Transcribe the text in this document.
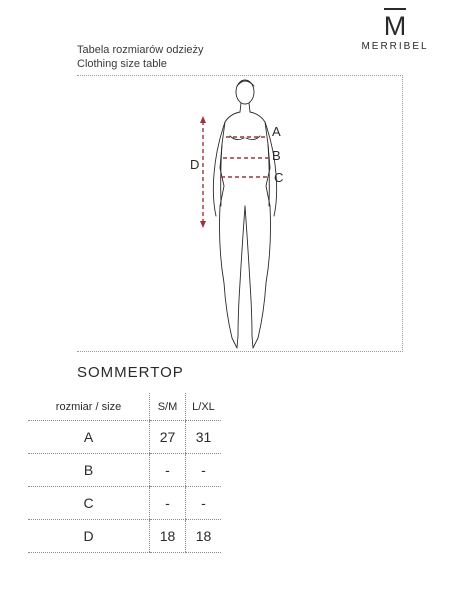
M
MERRIBEL
Tabela rozmiarów odzieży
Clothing size table
A
B
C
D
SOMMERTOP
rozmiar / size	S/M	L/XL
A	27	31
B	-	-
C	-	-
D	18	18
